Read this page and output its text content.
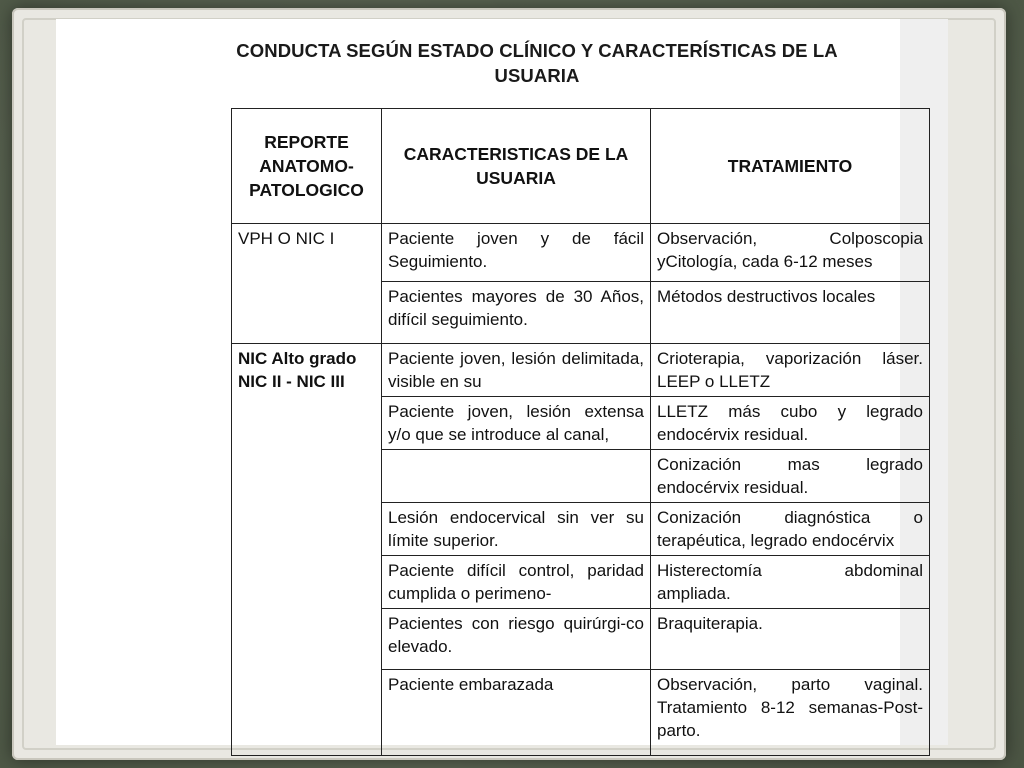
CONDUCTA SEGÚN ESTADO CLÍNICO Y CARACTERÍSTICAS DE LA USUARIA
REPORTE ANATOMO-PATOLOGICO	CARACTERISTICAS DE LA USUARIA	TRATAMIENTO
VPH O NIC I	Paciente joven y de fácil Seguimiento.	Observación, Colposcopia yCitología, cada 6-12 meses
	Pacientes mayores de 30 Años, difícil seguimiento.	Métodos destructivos locales
NIC Alto grado NIC II - NIC III	Paciente joven, lesión delimitada, visible en su	Crioterapia, vaporización láser. LEEP o LLETZ
	Paciente joven, lesión extensa y/o que se introduce al canal,	LLETZ más cubo y legrado endocérvix residual.
		Conización mas legrado endocérvix residual.
	Lesión endocervical sin ver su límite superior.	Conización diagnóstica o terapéutica, legrado endocérvix
	Paciente difícil control, paridad cumplida o perimeno-	Histerectomía abdominal ampliada.
	Pacientes con riesgo quirúrgi-co elevado.	Braquiterapia.
	Paciente embarazada	Observación, parto vaginal. Tratamiento 8-12 semanas-Post-parto.
